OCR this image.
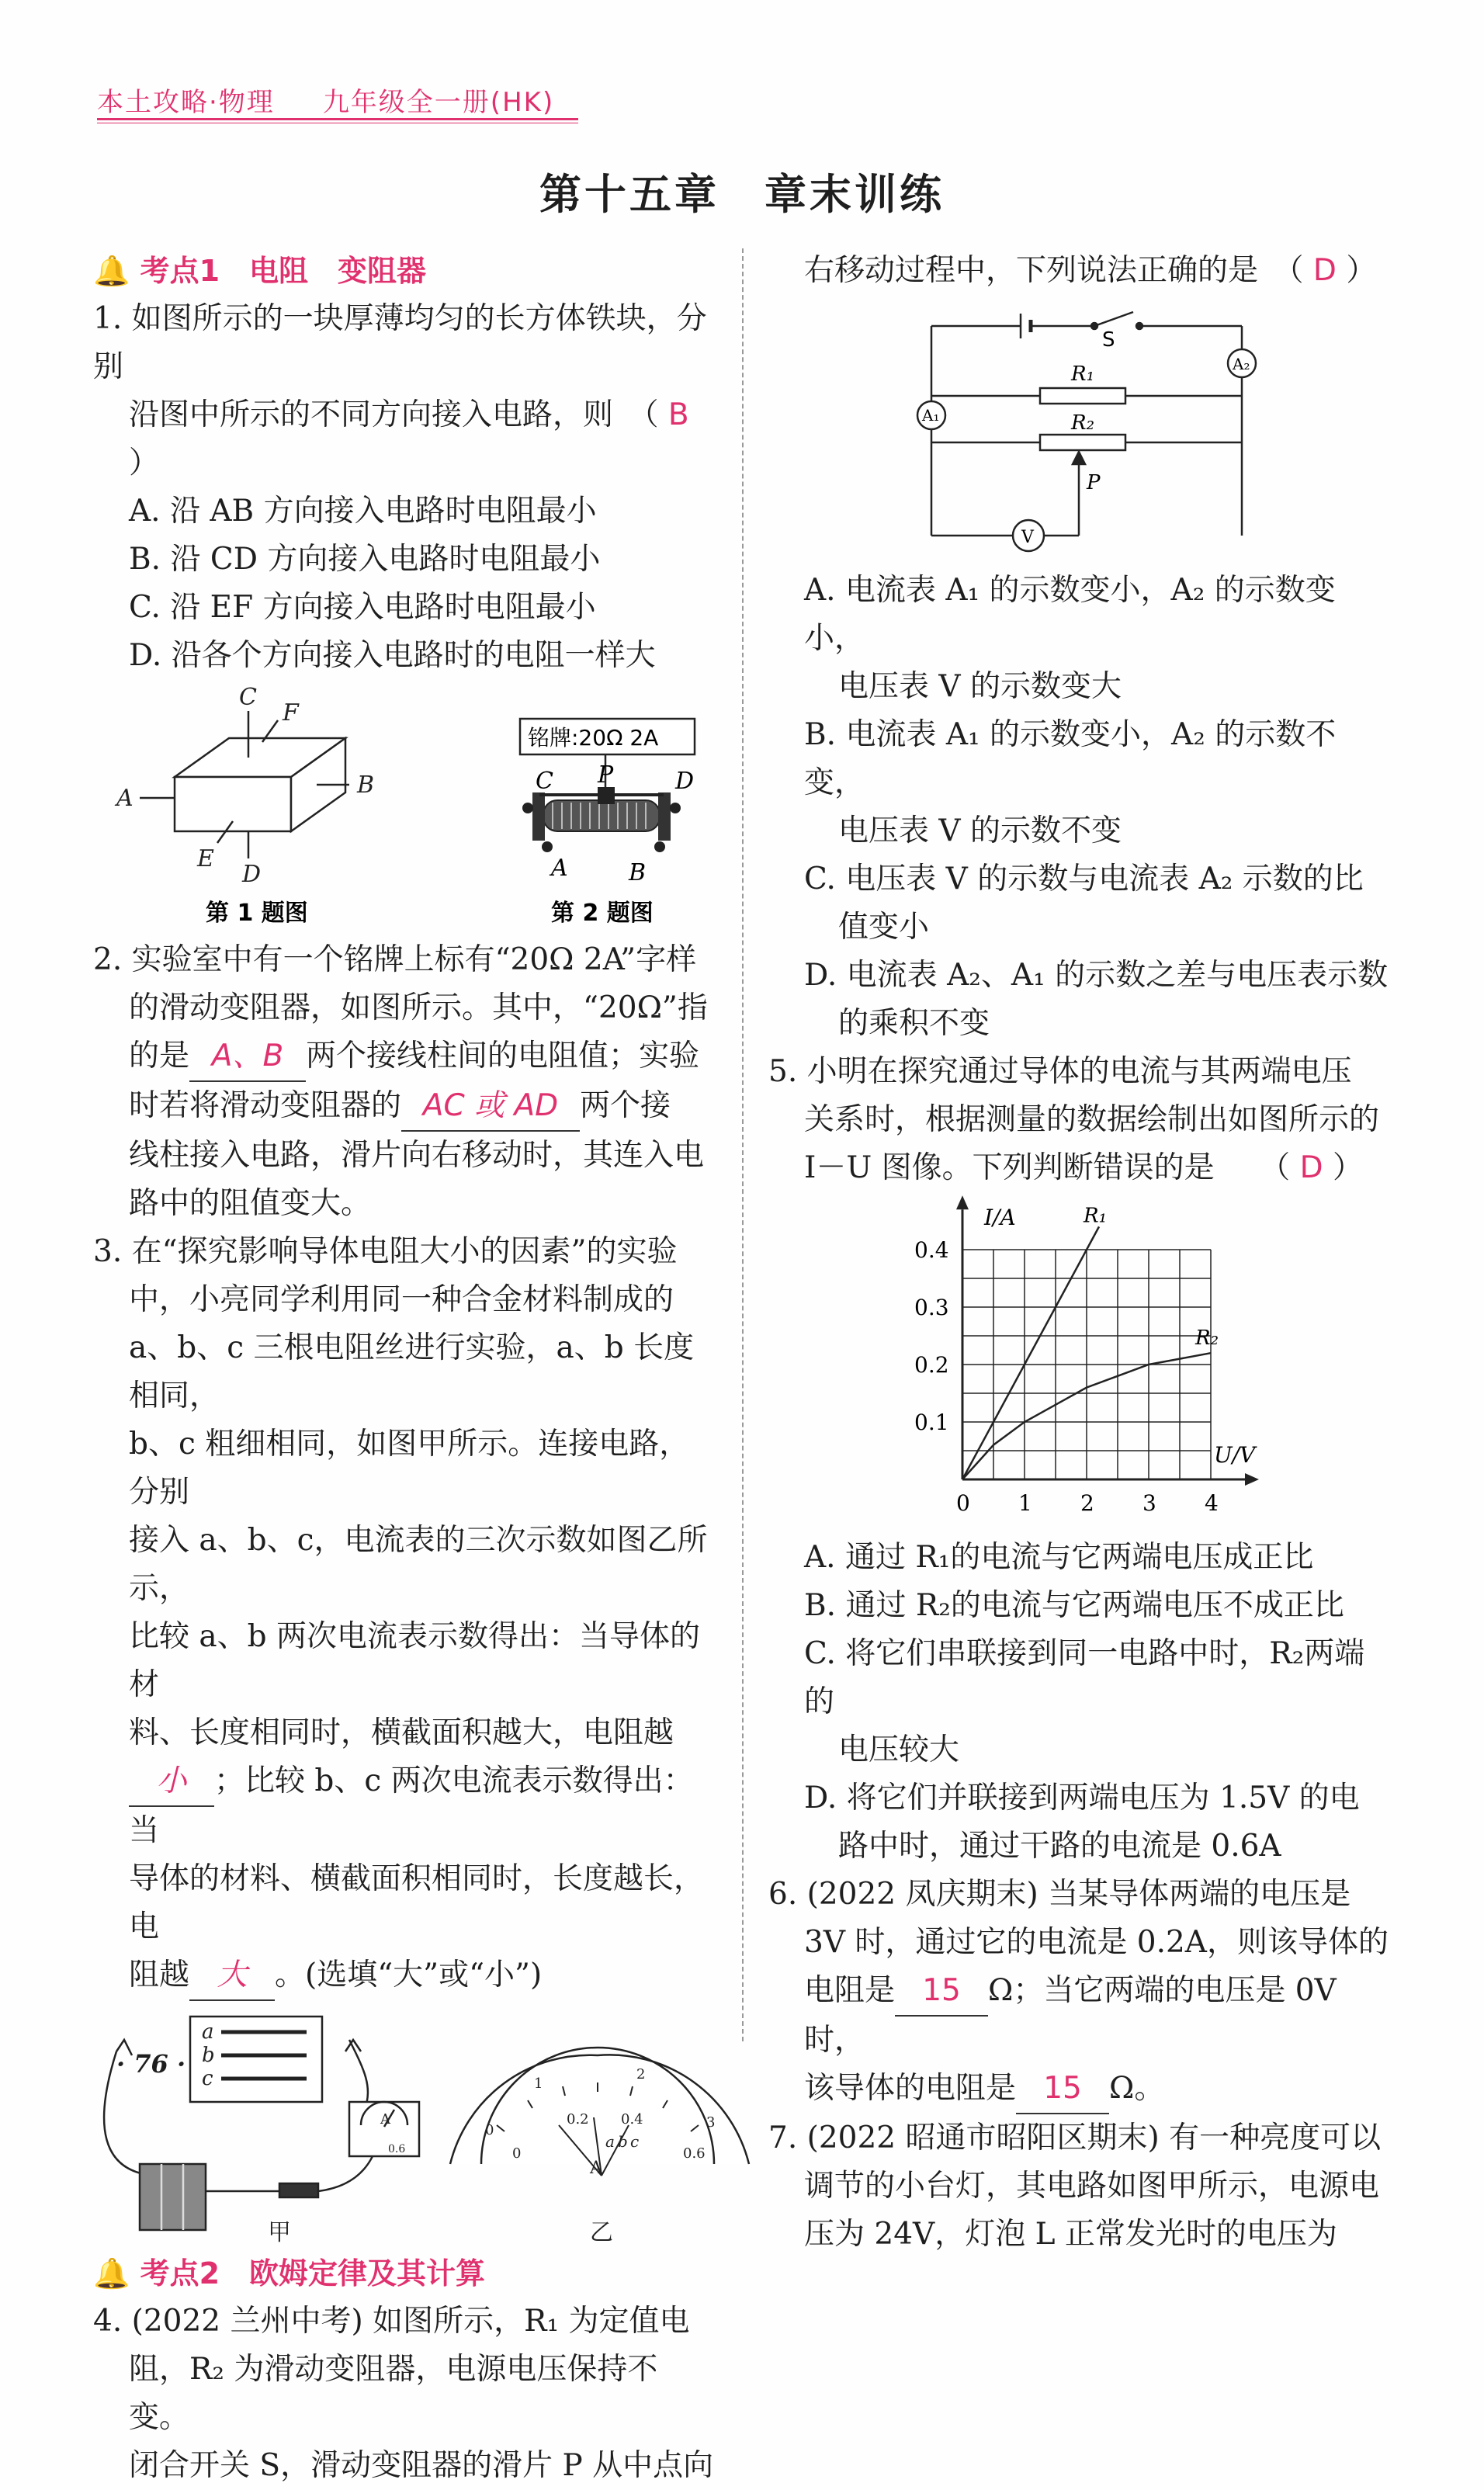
本土攻略·物理 九年级全一册(HK)
第十五章　章末训练

🔔 考点1　电阻　变阻器

1. 如图所示的一块厚薄均匀的长方体铁块，分别

沿图中所示的不同方向接入电路，则　（ B ）

A. 沿 AB 方向接入电路时电阻最小

B. 沿 CD 方向接入电路时电阻最小

C. 沿 EF 方向接入电路时电阻最小

D. 沿各个方向接入电路时的电阻一样大

A	B
C
D
E
F
第 1 题图
铭牌:20Ω 2A
C P	D
A	B
第 2 题图

2. 实验室中有一个铭牌上标有“20Ω 2A”字样

的滑动变阻器，如图所示。其中，“20Ω”指

的是 A、B 两个接线柱间的电阻值；实验

时若将滑动变阻器的 AC 或 AD 两个接

线柱接入电路，滑片向右移动时，其连入电

路中的阻值变大。

3. 在“探究影响导体电阻大小的因素”的实验

中，小亮同学利用同一种合金材料制成的

a、b、c 三根电阻丝进行实验，a、b 长度相同，

b、c 粗细相同，如图甲所示。连接电路，分别

接入 a、b、c，电流表的三次示数如图乙所示，

比较 a、b 两次电流表示数得出：当导体的材

料、长度相同时，横截面积越大，电阻越

小 ；比较 b、c 两次电流表示数得出：当

导体的材料、横截面积相同时，长度越长，电

阻越 大 。(选填“大”或“小”)

a
b
c
A
0.6
甲
0
1
2
3
0.2 0.4
0.6
0
a b c
A
乙

🔔 考点2　欧姆定律及其计算

4. (2022 兰州中考) 如图所示，R₁ 为定值电

阻，R₂ 为滑动变阻器，电源电压保持不变。

闭合开关 S，滑动变阻器的滑片 P 从中点向

右移动过程中，下列说法正确的是　（ D ）

S
A₂
R₁
A₁	R₂
P
V

A. 电流表 A₁ 的示数变小，A₂ 的示数变小，

电压表 V 的示数变大

B. 电流表 A₁ 的示数变小，A₂ 的示数不变，

电压表 V 的示数不变

C. 电压表 V 的示数与电流表 A₂ 示数的比

值变小

D. 电流表 A₂、A₁ 的示数之差与电压表示数

的乘积不变

5. 小明在探究通过导体的电流与其两端电压

关系时，根据测量的数据绘制出如图所示的

I－U 图像。下列判断错误的是　　（ D ）

0 1 2 3 4
0.1
0.2
0.3
0.4
U/V
I/A	R₁
R₂

A. 通过 R₁的电流与它两端电压成正比

B. 通过 R₂的电流与它两端电压不成正比

C. 将它们串联接到同一电路中时，R₂两端的

电压较大

D. 将它们并联接到两端电压为 1.5V 的电

路中时，通过干路的电流是 0.6A

6. (2022 凤庆期末) 当某导体两端的电压是

3V 时，通过它的电流是 0.2A，则该导体的

电阻是 15 Ω；当它两端的电压是 0V 时，

该导体的电阻是 15 Ω。

7. (2022 昭通市昭阳区期末) 有一种亮度可以

调节的小台灯，其电路如图甲所示，电源电

压为 24V，灯泡 L 正常发光时的电压为

· 76 ·
